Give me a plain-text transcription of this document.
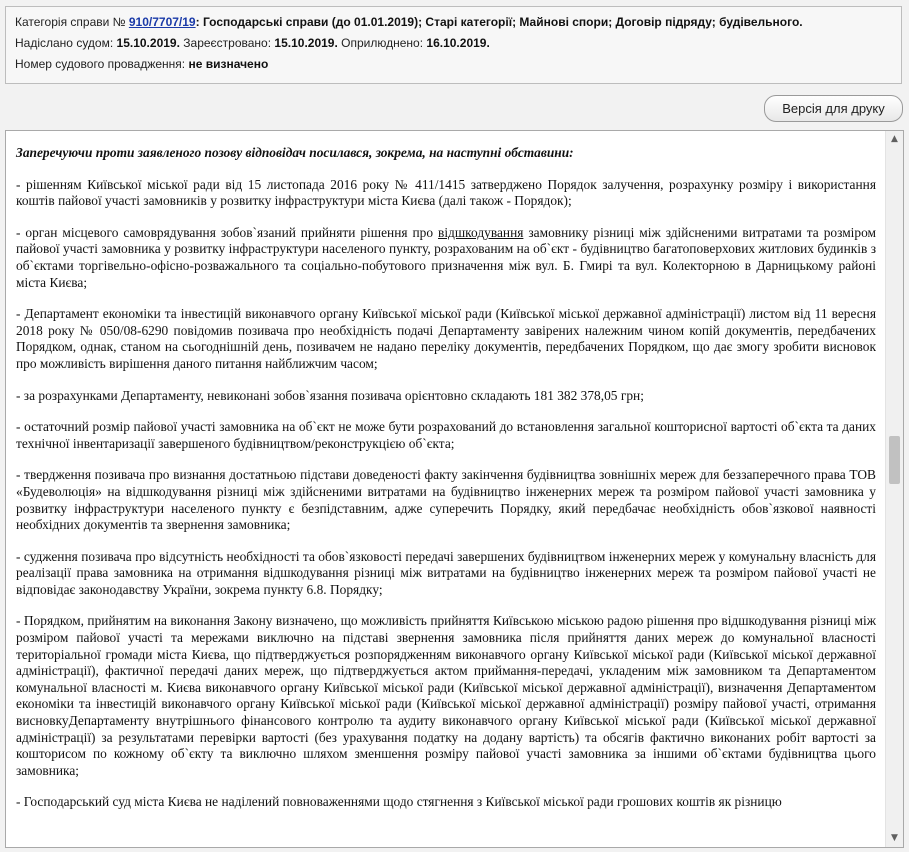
Категорія справи № 910/7707/19: Господарські справи (до 01.01.2019); Старі категорії; Майнові спори; Договір підряду; будівельного.
Надіслано судом: 15.10.2019. Зареєстровано: 15.10.2019. Оприлюднено: 16.10.2019.
Номер судового провадження: не визначено
Версія для друку

Заперечуючи проти заявленого позову відповідач посилався, зокрема, на наступні обставини:

- рішенням Київської міської ради від 15 листопада 2016 року № 411/1415 затверджено Порядок залучення, розрахунку розміру і використання коштів пайової участі замовників у розвитку інфраструктури міста Києва (далі також - Порядок);

- орган місцевого самоврядування зобов`язаний прийняти рішення про відшкодування замовнику різниці між здійсненими витратами та розміром пайової участі замовника у розвитку інфраструктури населеного пункту, розрахованим на об`єкт - будівництво багатоповерхових житлових будинків з об`єктами торгівельно-офісно-розважального та соціально-побутового призначення між вул. Б. Гмирі та вул. Колекторною в Дарницькому районі міста Києва;

- Департамент економіки та інвестицій виконавчого органу Київської міської ради (Київської міської державної адміністрації) листом від 11 вересня 2018 року № 050/08-6290 повідомив позивача про необхідність подачі Департаменту завірених належним чином копій документів, передбачених Порядком, однак, станом на сьогоднішній день, позивачем не надано переліку документів, передбачених Порядком, що дає змогу зробити висновок про можливість вирішення даного питання найближчим часом;

- за розрахунками Департаменту, невиконані зобов`язання позивача орієнтовно складають 181 382 378,05 грн;

- остаточний розмір пайової участі замовника на об`єкт не може бути розрахований до встановлення загальної кошторисної вартості об`єкта та даних технічної інвентаризації завершеного будівництвом/реконструкцією об`єкта;

- твердження позивача про визнання достатньою підстави доведеності факту закінчення будівництва зовнішніх мереж для беззаперечного права ТОВ «Будеволюція» на відшкодування різниці між здійсненими витратами на будівництво інженерних мереж та розміром пайової участі замовника у розвитку інфраструктури населеного пункту є безпідставним, адже суперечить Порядку, який передбачає необхідність обов`язкової наявності необхідних документів та звернення замовника;

- судження позивача про відсутність необхідності та обов`язковості передачі завершених будівництвом інженерних мереж у комунальну власність для реалізації права замовника на отримання відшкодування різниці між витратами на будівництво інженерних мереж та розміром пайової участі не відповідає законодавству України, зокрема пункту 6.8. Порядку;

- Порядком, прийнятим на виконання Закону визначено, що можливість прийняття Київською міською радою рішення про відшкодування різниці між розміром пайової участі та мережами виключно на підставі звернення замовника після прийняття даних мереж до комунальної власності територіальної громади міста Києва, що підтверджується розпорядженням виконавчого органу Київської міської ради (Київської міської державної адміністрації), фактичної передачі даних мереж, що підтверджується актом приймання-передачі, укладеним між замовником та Департаментом комунальної власності м. Києва виконавчого органу Київської міської ради (Київської міської державної адміністрації), визначення Департаментом економіки та інвестицій виконавчого органу Київської міської ради (Київської міської державної адміністрації) розміру пайової участі, отримання висновкуДепартаменту внутрішнього фінансового контролю та аудиту виконавчого органу Київської міської ради (Київської міської державної адміністрації) за результатами перевірки вартості (без урахування податку на додану вартість) та обсягів фактично виконаних робіт вартості за кошторисом по кожному об`єкту та виключно шляхом зменшення розміру пайової участі замовника за іншими об`єктами будівництва цього замовника;

- Господарський суд міста Києва не наділений повноваженнями щодо стягнення з Київської міської ради грошових коштів як різницю

▲
▼
